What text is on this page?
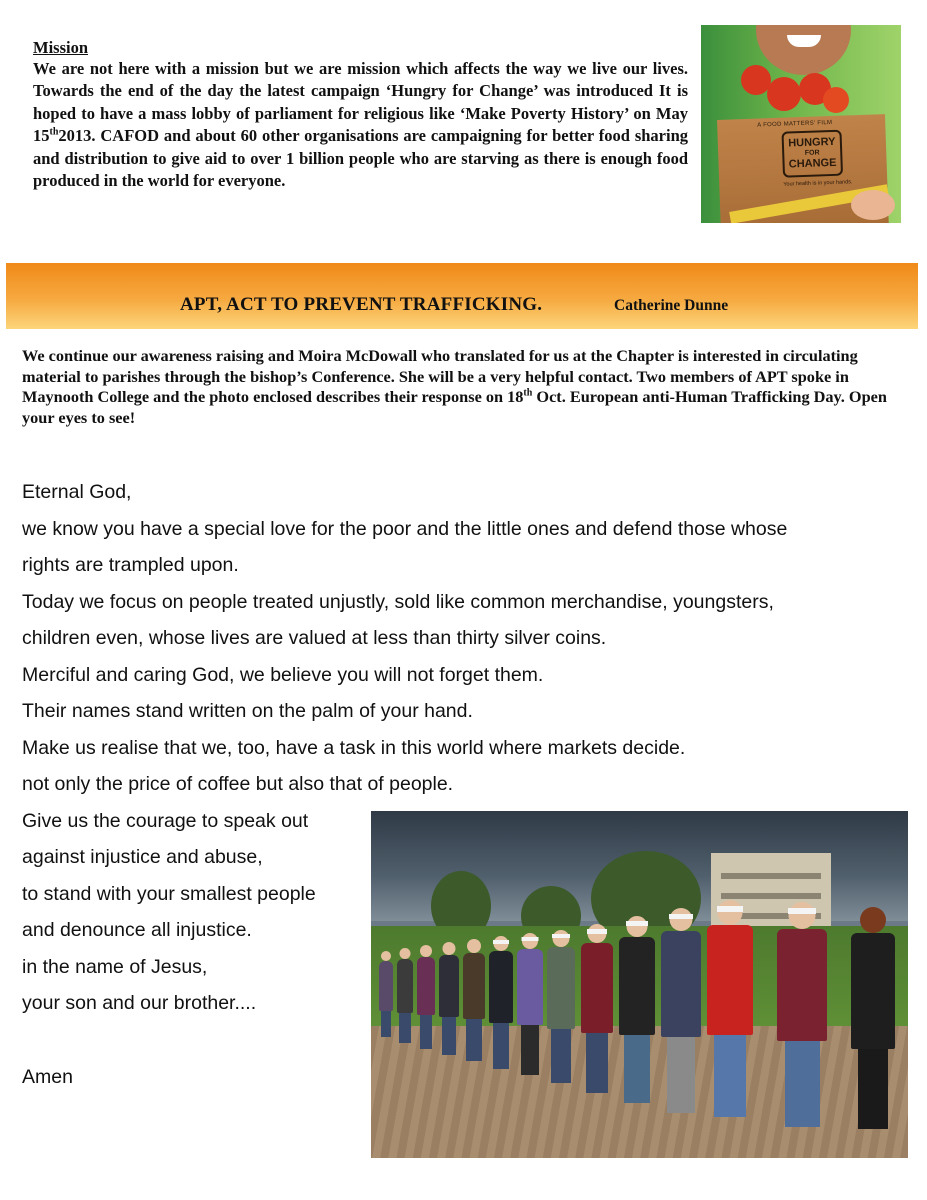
Mission

We are not here with a mission but we are mission which affects the way we live our lives. Towards the end of the day the latest campaign ‘Hungry for Change’ was introduced It is hoped to have a mass lobby of parliament for religious like ‘Make Poverty History’ on May 15th2013. CAFOD and about 60 other organisations are campaigning for better food sharing and distribution to give aid to over 1 billion people who are starving as there is enough food produced in the world for everyone.

A FOOD MATTERS' FILM
HUNGRY
FOR
CHANGE
Your health is in your hands.
APT, ACT TO PREVENT TRAFFICKING.	Catherine Dunne

We continue our awareness raising and Moira McDowall who translated for us at the Chapter is interested in circulating material to parishes through the bishop’s Conference. She will be a very helpful contact. Two members of APT spoke in Maynooth College and the photo enclosed describes their response on 18th Oct. European anti-Human Trafficking Day. Open your eyes to see!

Eternal God,
we know you have a special love for the poor and the little ones and defend those whose
rights are trampled upon.
Today we focus on people treated unjustly, sold like common merchandise, youngsters,
children even, whose lives are valued at less than thirty silver coins.
Merciful and caring God, we believe you will not forget them.
Their names stand written on the palm of your hand.
Make us realise that we, too, have a task in this world where markets decide.
not only the price of coffee but also that of people.
Give us the courage to speak out
against injustice and abuse,
to stand with your smallest people
and denounce all injustice.
in the name of Jesus,
your son and our brother....
Amen
